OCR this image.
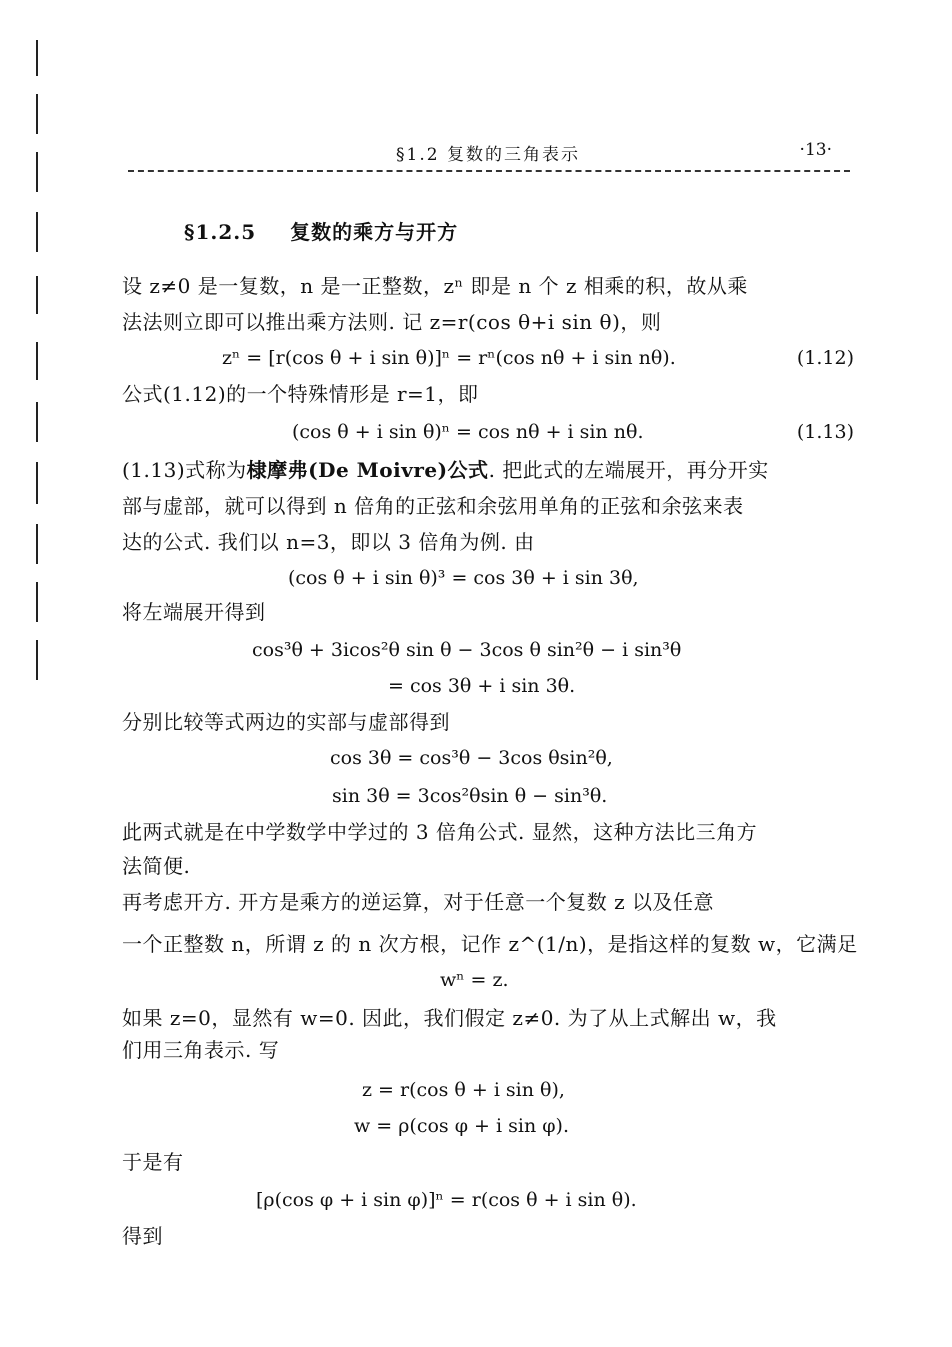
§1.2 复数的三角表示	·13·
§1.2.5 复数的乘方与开方
设 z≠0 是一复数，n 是一正整数，zⁿ 即是 n 个 z 相乘的积，故从乘
法法则立即可以推出乘方法则. 记 z=r(cos θ+i sin θ)，则
zⁿ = [r(cos θ + i sin θ)]ⁿ = rⁿ(cos nθ + i sin nθ).	(1.12)
公式(1.12)的一个特殊情形是 r=1，即
(cos θ + i sin θ)ⁿ = cos nθ + i sin nθ.	(1.13)
(1.13)式称为棣摩弗(De Moivre)公式. 把此式的左端展开，再分开实
部与虚部，就可以得到 n 倍角的正弦和余弦用单角的正弦和余弦来表
达的公式. 我们以 n=3，即以 3 倍角为例. 由
(cos θ + i sin θ)³ = cos 3θ + i sin 3θ,
将左端展开得到
cos³θ + 3icos²θ sin θ − 3cos θ sin²θ − i sin³θ
= cos 3θ + i sin 3θ.
分别比较等式两边的实部与虚部得到
cos 3θ = cos³θ − 3cos θsin²θ,
sin 3θ = 3cos²θsin θ − sin³θ.
此两式就是在中学数学中学过的 3 倍角公式. 显然，这种方法比三角方
法简便.
再考虑开方. 开方是乘方的逆运算，对于任意一个复数 z 以及任意
一个正整数 n，所谓 z 的 n 次方根，记作 z^(1/n)，是指这样的复数 w，它满足
wⁿ = z.
如果 z=0，显然有 w=0. 因此，我们假定 z≠0. 为了从上式解出 w，我
们用三角表示. 写
z = r(cos θ + i sin θ),
w = ρ(cos φ + i sin φ).
于是有
[ρ(cos φ + i sin φ)]ⁿ = r(cos θ + i sin θ).
得到
